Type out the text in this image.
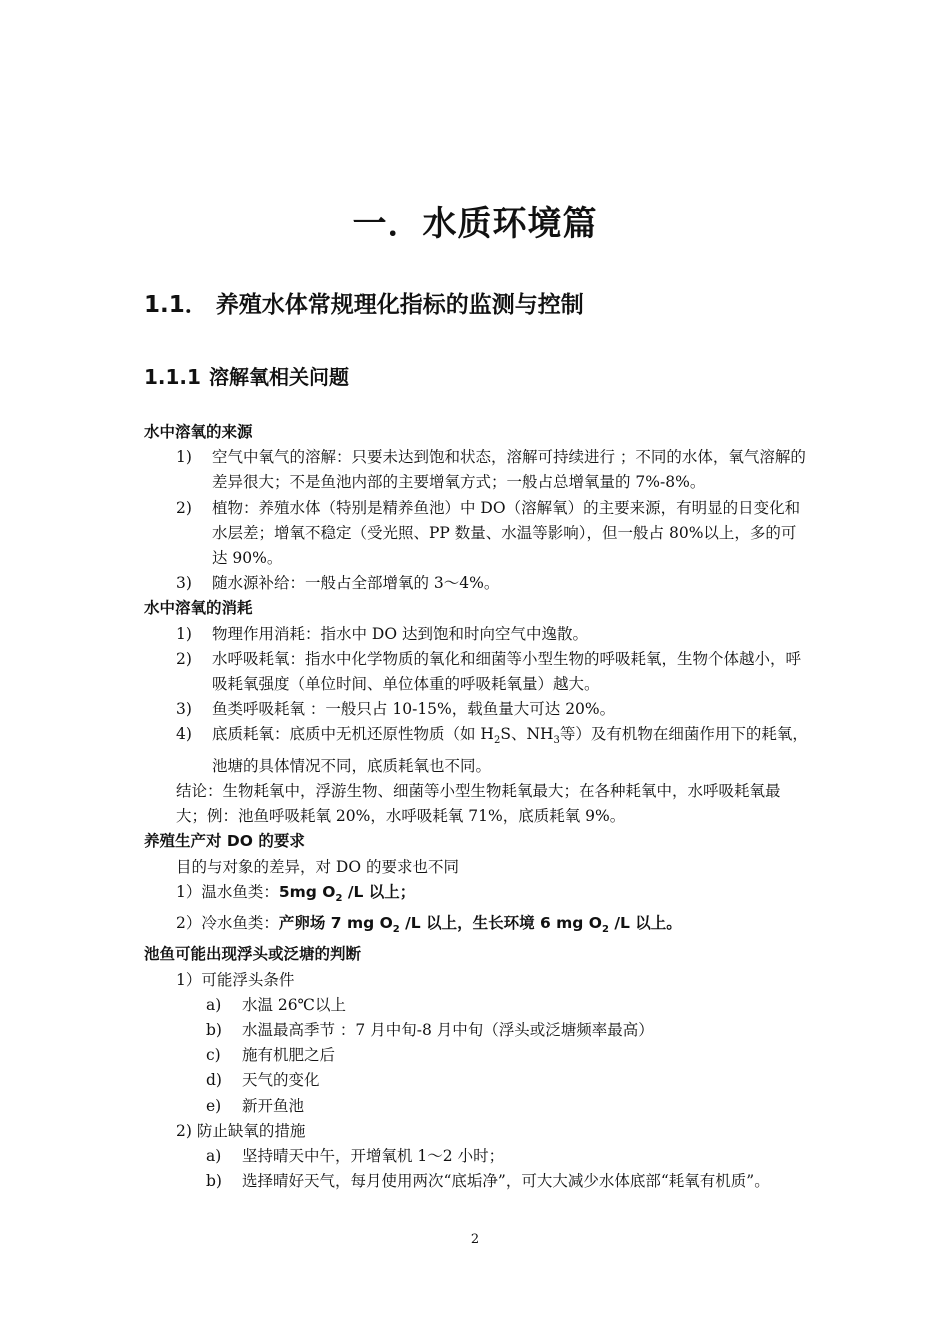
一．水质环境篇
1.1． 养殖水体常规理化指标的监测与控制
1.1.1 溶解氧相关问题
水中溶氧的来源
1)	空气中氧气的溶解：只要未达到饱和状态，溶解可持续进行 ；不同的水体，氧气溶解的差异很大；不是鱼池内部的主要增氧方式；一般占总增氧量的 7%-8%。
2)	植物：养殖水体（特别是精养鱼池）中 DO（溶解氧）的主要来源，有明显的日变化和水层差；增氧不稳定（受光照、PP 数量、水温等影响），但一般占 80%以上，多的可达 90%。
3)	随水源补给：一般占全部增氧的 3～4%。
水中溶氧的消耗
1)	物理作用消耗：指水中 DO 达到饱和时向空气中逸散。
2)	水呼吸耗氧：指水中化学物质的氧化和细菌等小型生物的呼吸耗氧，生物个体越小，呼吸耗氧强度（单位时间、单位体重的呼吸耗氧量）越大。
3)	鱼类呼吸耗氧 ：一般只占 10-15%，载鱼量大可达 20%。
4)	底质耗氧：底质中无机还原性物质（如 $H_2S$、$NH_3$等）及有机物在细菌作用下的耗氧，池塘的具体情况不同，底质耗氧也不同。
结论：生物耗氧中，浮游生物、细菌等小型生物耗氧最大；在各种耗氧中，水呼吸耗氧最大；例：池鱼呼吸耗氧 20%，水呼吸耗氧 71%，底质耗氧 9%。
养殖生产对 DO 的要求
目的与对象的差异，对 DO 的要求也不同
1）温水鱼类：5mg $O_2$ /L 以上；
2）冷水鱼类：产卵场 7 mg $O_2$ /L 以上，生长环境 6 mg $O_2$ /L 以上。
池鱼可能出现浮头或泛塘的判断
1）可能浮头条件
a)	水温 26℃以上
b)	水温最高季节 ：7 月中旬-8 月中旬（浮头或泛塘频率最高）
c)	施有机肥之后
d)	天气的变化
e)	新开鱼池
2) 防止缺氧的措施
a)	坚持晴天中午，开增氧机 1～2 小时；
b)	选择晴好天气，每月使用两次“底垢净”，可大大减少水体底部“耗氧有机质”。
2
